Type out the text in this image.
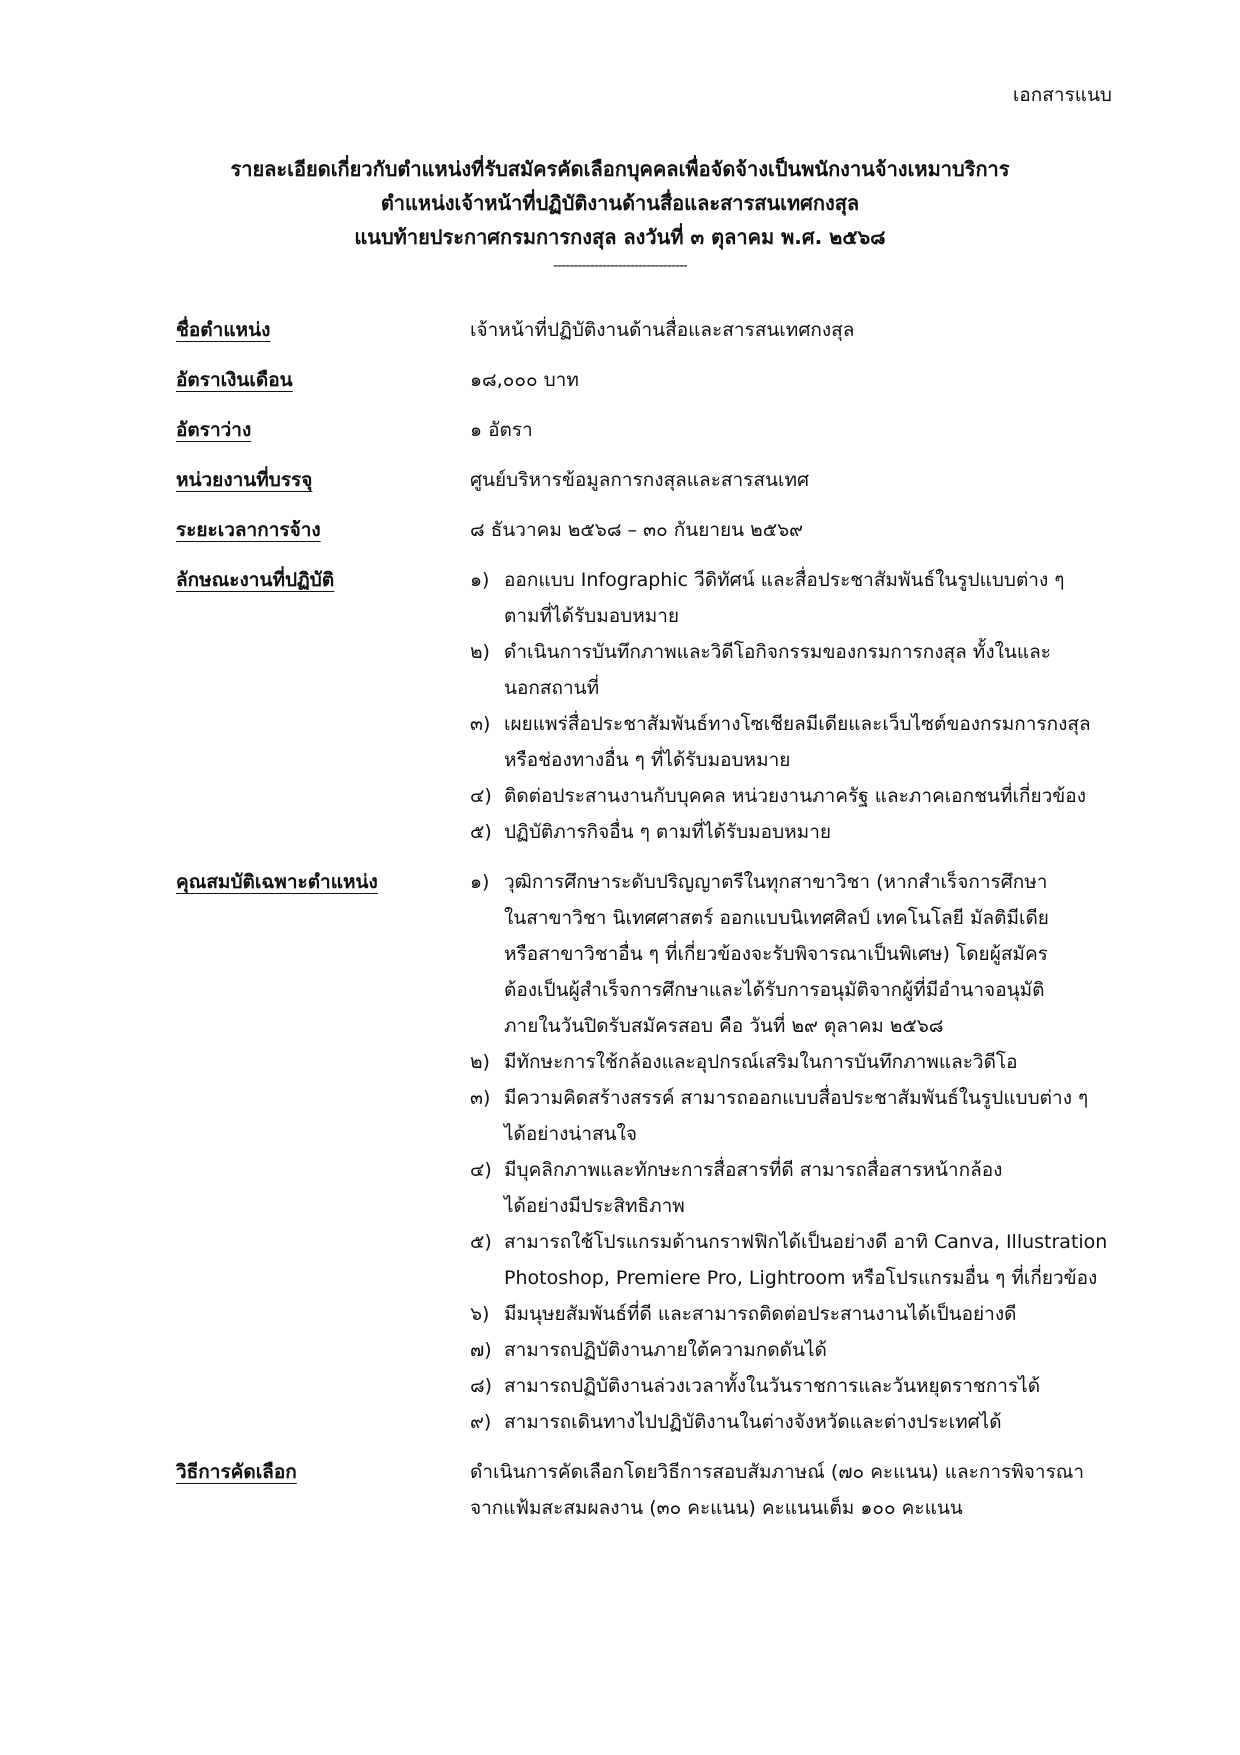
เอกสารแนบ
รายละเอียดเกี่ยวกับตำแหน่งที่รับสมัครคัดเลือกบุคคลเพื่อจัดจ้างเป็นพนักงานจ้างเหมาบริการ
ตำแหน่งเจ้าหน้าที่ปฏิบัติงานด้านสื่อและสารสนเทศกงสุล
แนบท้ายประกาศกรมการกงสุล ลงวันที่ ๓ ตุลาคม พ.ศ. ๒๕๖๘
---------------------------------
ชื่อตำแหน่ง	เจ้าหน้าที่ปฏิบัติงานด้านสื่อและสารสนเทศกงสุล
อัตราเงินเดือน	๑๘,๐๐๐ บาท
อัตราว่าง	๑ อัตรา
หน่วยงานที่บรรจุ	ศูนย์บริหารข้อมูลการกงสุลและสารสนเทศ
ระยะเวลาการจ้าง	๘ ธันวาคม ๒๕๖๘ – ๓๐ กันยายน ๒๕๖๙
ลักษณะงานที่ปฏิบัติ	๑) ออกแบบ Infographic วีดิทัศน์ และสื่อประชาสัมพันธ์ในรูปแบบต่าง ๆ
ตามที่ได้รับมอบหมาย
๒) ดำเนินการบันทึกภาพและวิดีโอกิจกรรมของกรมการกงสุล ทั้งในและ
นอกสถานที่
๓) เผยแพร่สื่อประชาสัมพันธ์ทางโซเชียลมีเดียและเว็บไซต์ของกรมการกงสุล
หรือช่องทางอื่น ๆ ที่ได้รับมอบหมาย
๔) ติดต่อประสานงานกับบุคคล หน่วยงานภาครัฐ และภาคเอกชนที่เกี่ยวข้อง
๕) ปฏิบัติภารกิจอื่น ๆ ตามที่ได้รับมอบหมาย
คุณสมบัติเฉพาะตำแหน่ง	๑) วุฒิการศึกษาระดับปริญญาตรีในทุกสาขาวิชา (หากสำเร็จการศึกษา
ในสาขาวิชา นิเทศศาสตร์ ออกแบบนิเทศศิลป์ เทคโนโลยี มัลติมีเดีย
หรือสาขาวิชาอื่น ๆ ที่เกี่ยวข้องจะรับพิจารณาเป็นพิเศษ) โดยผู้สมัคร
ต้องเป็นผู้สำเร็จการศึกษาและได้รับการอนุมัติจากผู้ที่มีอำนาจอนุมัติ
ภายในวันปิดรับสมัครสอบ คือ วันที่ ๒๙ ตุลาคม ๒๕๖๘
๒) มีทักษะการใช้กล้องและอุปกรณ์เสริมในการบันทึกภาพและวิดีโอ
๓) มีความคิดสร้างสรรค์ สามารถออกแบบสื่อประชาสัมพันธ์ในรูปแบบต่าง ๆ
ได้อย่างน่าสนใจ
๔) มีบุคลิกภาพและทักษะการสื่อสารที่ดี สามารถสื่อสารหน้ากล้อง
ได้อย่างมีประสิทธิภาพ
๕) สามารถใช้โปรแกรมด้านกราฟฟิกได้เป็นอย่างดี อาทิ Canva, Illustration
Photoshop, Premiere Pro, Lightroom หรือโปรแกรมอื่น ๆ ที่เกี่ยวข้อง
๖) มีมนุษยสัมพันธ์ที่ดี และสามารถติดต่อประสานงานได้เป็นอย่างดี
๗) สามารถปฏิบัติงานภายใต้ความกดดันได้
๘) สามารถปฏิบัติงานล่วงเวลาทั้งในวันราชการและวันหยุดราชการได้
๙) สามารถเดินทางไปปฏิบัติงานในต่างจังหวัดและต่างประเทศได้
วิธีการคัดเลือก	ดำเนินการคัดเลือกโดยวิธีการสอบสัมภาษณ์ (๗๐ คะแนน) และการพิจารณา
จากแฟ้มสะสมผลงาน (๓๐ คะแนน) คะแนนเต็ม ๑๐๐ คะแนน
